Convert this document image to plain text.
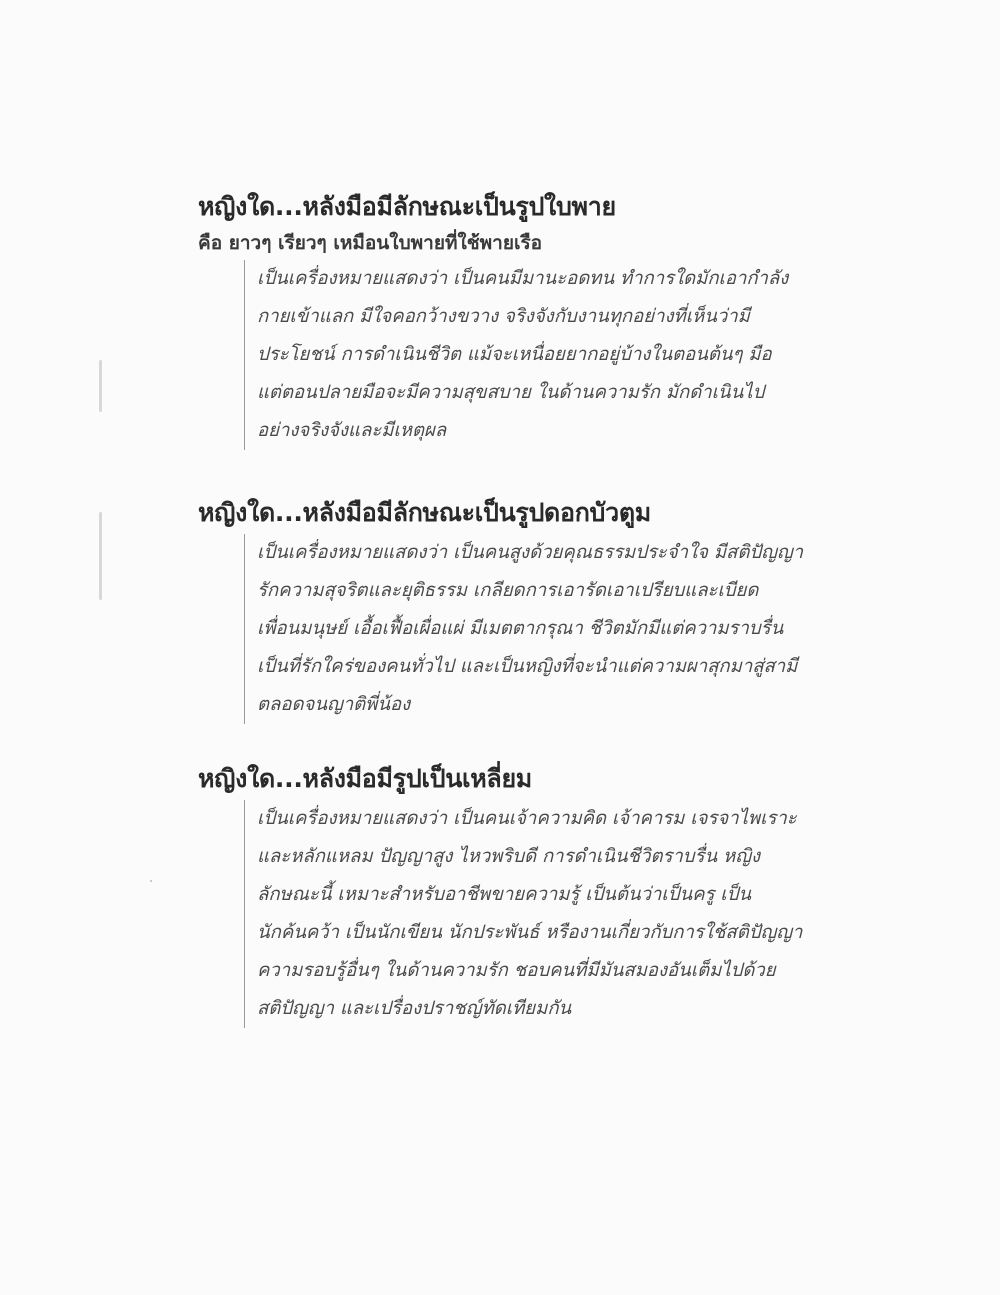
หญิงใด...หลังมือมีลักษณะเป็นรูปใบพาย
คือ ยาวๆ เรียวๆ เหมือนใบพายที่ใช้พายเรือ
เป็นเครื่องหมายแสดงว่า เป็นคนมีมานะอดทน ทำการใดมักเอากำลัง
กายเข้าแลก มีใจคอกว้างขวาง จริงจังกับงานทุกอย่างที่เห็นว่ามี
ประโยชน์ การดำเนินชีวิต แม้จะเหนื่อยยากอยู่บ้างในตอนต้นๆ มือ
แต่ตอนปลายมือจะมีความสุขสบาย ในด้านความรัก มักดำเนินไป
อย่างจริงจังและมีเหตุผล
หญิงใด...หลังมือมีลักษณะเป็นรูปดอกบัวตูม
เป็นเครื่องหมายแสดงว่า เป็นคนสูงด้วยคุณธรรมประจำใจ มีสติปัญญา
รักความสุจริตและยุติธรรม เกลียดการเอารัดเอาเปรียบและเบียด
เพื่อนมนุษย์ เอื้อเฟื้อเผื่อแผ่ มีเมตตากรุณา ชีวิตมักมีแต่ความราบรื่น
เป็นที่รักใคร่ของคนทั่วไป และเป็นหญิงที่จะนำแต่ความผาสุกมาสู่สามี
ตลอดจนญาติพี่น้อง
หญิงใด...หลังมือมีรูปเป็นเหลี่ยม
เป็นเครื่องหมายแสดงว่า เป็นคนเจ้าความคิด เจ้าคารม เจรจาไพเราะ
และหลักแหลม ปัญญาสูง ไหวพริบดี การดำเนินชีวิตราบรื่น หญิง
ลักษณะนี้ เหมาะสำหรับอาชีพขายความรู้ เป็นต้นว่าเป็นครู เป็น
นักค้นคว้า เป็นนักเขียน นักประพันธ์ หรืองานเกี่ยวกับการใช้สติปัญญา
ความรอบรู้อื่นๆ ในด้านความรัก ชอบคนที่มีมันสมองอันเต็มไปด้วย
สติปัญญา และเปรื่องปราชญ์ทัดเทียมกัน
